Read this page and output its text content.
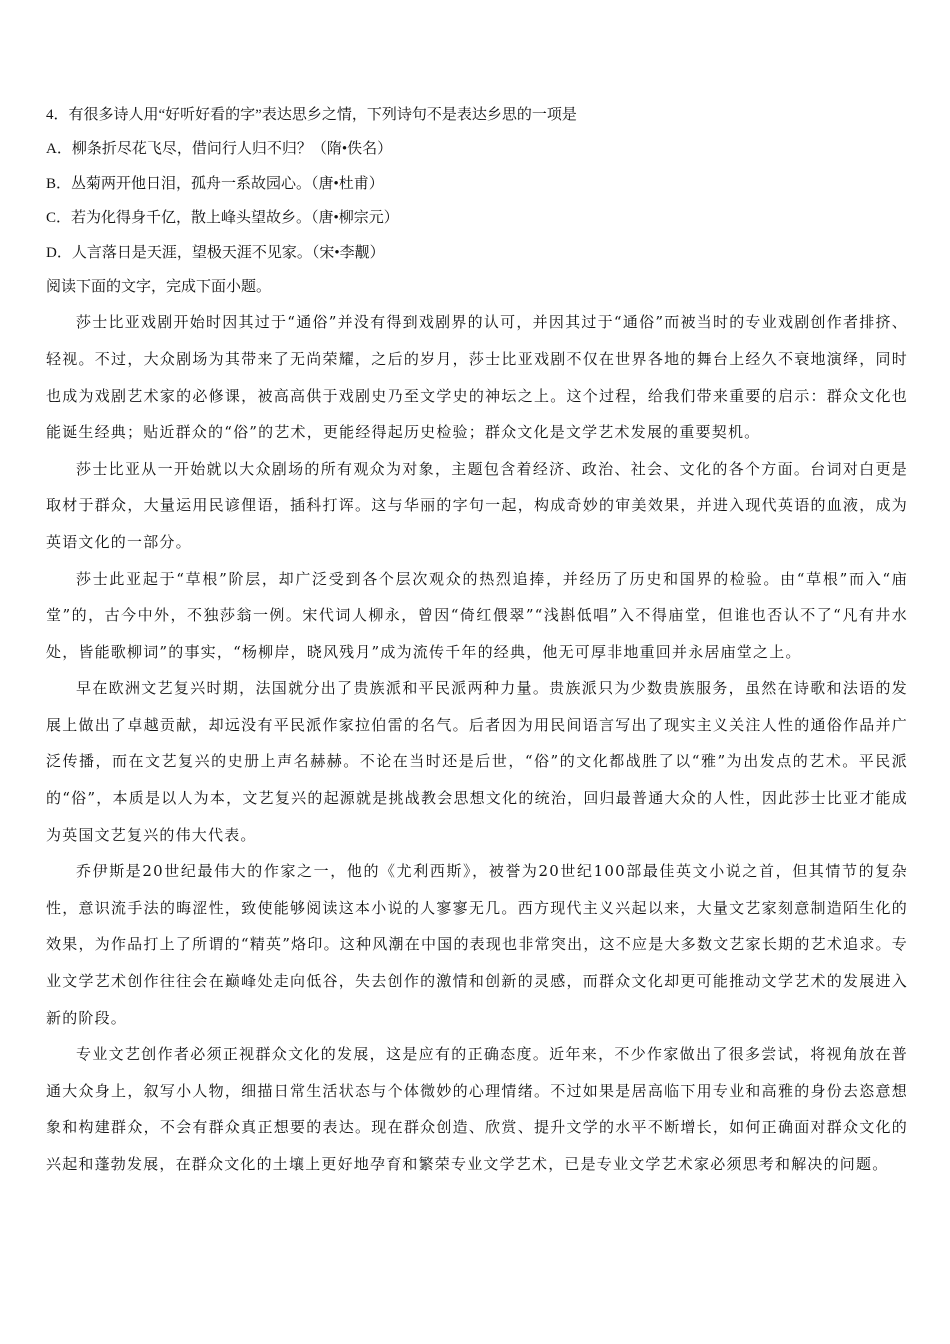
4．有很多诗人用“好听好看的字”表达思乡之情，下列诗句不是表达乡思的一项是
A．柳条折尽花飞尽，借问行人归不归？（隋•佚名）
B．丛菊两开他日泪，孤舟一系故园心。（唐•杜甫）
C．若为化得身千亿，散上峰头望故乡。（唐•柳宗元）
D．人言落日是天涯，望极天涯不见家。（宋•李觏）
阅读下面的文字，完成下面小题。

莎士比亚戏剧开始时因其过于“通俗”并没有得到戏剧界的认可，并因其过于“通俗”而被当时的专业戏剧创作者排挤、轻视。不过，大众剧场为其带来了无尚荣耀，之后的岁月，莎士比亚戏剧不仅在世界各地的舞台上经久不衰地演绎，同时也成为戏剧艺术家的必修课，被高高供于戏剧史乃至文学史的神坛之上。这个过程，给我们带来重要的启示：群众文化也能诞生经典；贴近群众的“俗”的艺术，更能经得起历史检验；群众文化是文学艺术发展的重要契机。

莎士比亚从一开始就以大众剧场的所有观众为对象，主题包含着经济、政治、社会、文化的各个方面。台词对白更是取材于群众，大量运用民谚俚语，插科打诨。这与华丽的字句一起，构成奇妙的审美效果，并进入现代英语的血液，成为英语文化的一部分。

莎士此亚起于“草根”阶层，却广泛受到各个层次观众的热烈追捧，并经历了历史和国界的检验。由“草根”而入“庙堂”的，古今中外，不独莎翁一例。宋代词人柳永，曾因“倚红偎翠”“浅斟低唱”入不得庙堂，但谁也否认不了“凡有井水处，皆能歌柳词”的事实，“杨柳岸，晓风残月”成为流传千年的经典，他无可厚非地重回并永居庙堂之上。

早在欧洲文艺复兴时期，法国就分出了贵族派和平民派两种力量。贵族派只为少数贵族服务，虽然在诗歌和法语的发展上做出了卓越贡献，却远没有平民派作家拉伯雷的名气。后者因为用民间语言写出了现实主义关注人性的通俗作品并广泛传播，而在文艺复兴的史册上声名赫赫。不论在当时还是后世，“俗”的文化都战胜了以“雅”为出发点的艺术。平民派的“俗”，本质是以人为本，文艺复兴的起源就是挑战教会思想文化的统治，回归最普通大众的人性，因此莎士比亚才能成为英国文艺复兴的伟大代表。

乔伊斯是20世纪最伟大的作家之一，他的《尤利西斯》，被誉为20世纪100部最佳英文小说之首，但其情节的复杂性，意识流手法的晦涩性，致使能够阅读这本小说的人寥寥无几。西方现代主义兴起以来，大量文艺家刻意制造陌生化的效果，为作品打上了所谓的“精英”烙印。这种风潮在中国的表现也非常突出，这不应是大多数文艺家长期的艺术追求。专业文学艺术创作往往会在巅峰处走向低谷，失去创作的激情和创新的灵感，而群众文化却更可能推动文学艺术的发展进入新的阶段。

专业文艺创作者必须正视群众文化的发展，这是应有的正确态度。近年来，不少作家做出了很多尝试，将视角放在普通大众身上，叙写小人物，细描日常生活状态与个体微妙的心理情绪。不过如果是居高临下用专业和高雅的身份去恣意想象和构建群众，不会有群众真正想要的表达。现在群众创造、欣赏、提升文学的水平不断增长，如何正确面对群众文化的兴起和蓬勃发展，在群众文化的土壤上更好地孕育和繁荣专业文学艺术，已是专业文学艺术家必须思考和解决的问题。
